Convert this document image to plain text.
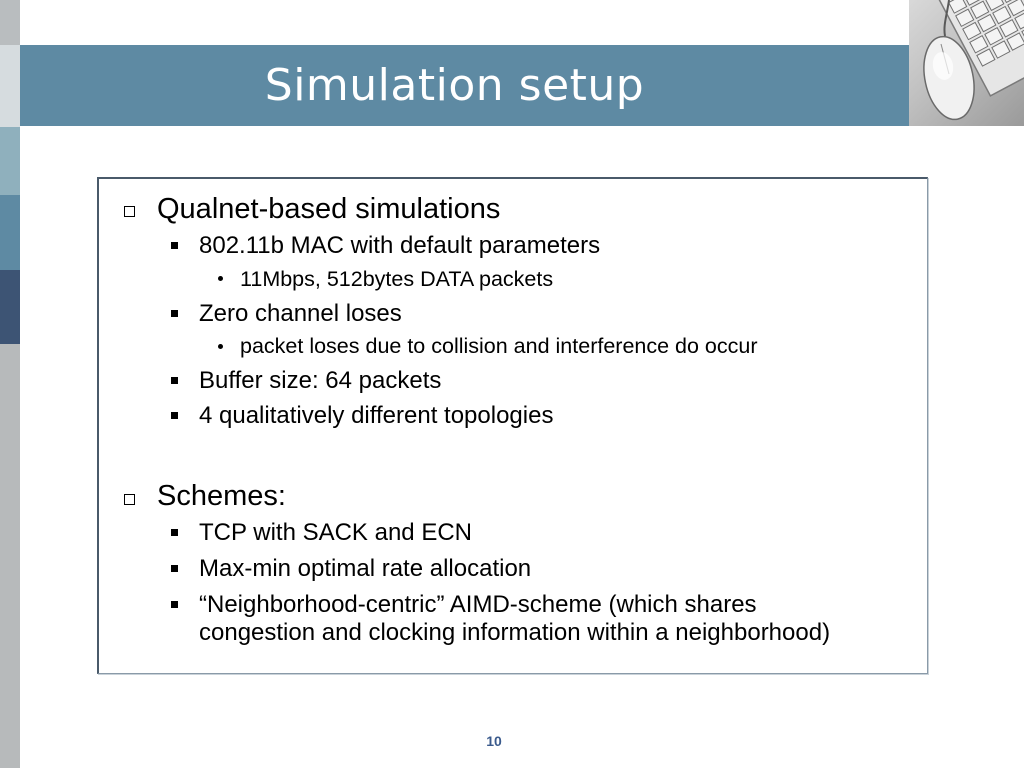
Simulation setup
Qualnet-based simulations
802.11b MAC with default parameters
11Mbps, 512bytes DATA packets
Zero channel loses
packet loses due to collision and interference do occur
Buffer size: 64 packets
4 qualitatively different topologies
Schemes:
TCP with SACK and ECN
Max-min optimal rate allocation
“Neighborhood-centric” AIMD-scheme (which shares
congestion and clocking information within a neighborhood)
10
